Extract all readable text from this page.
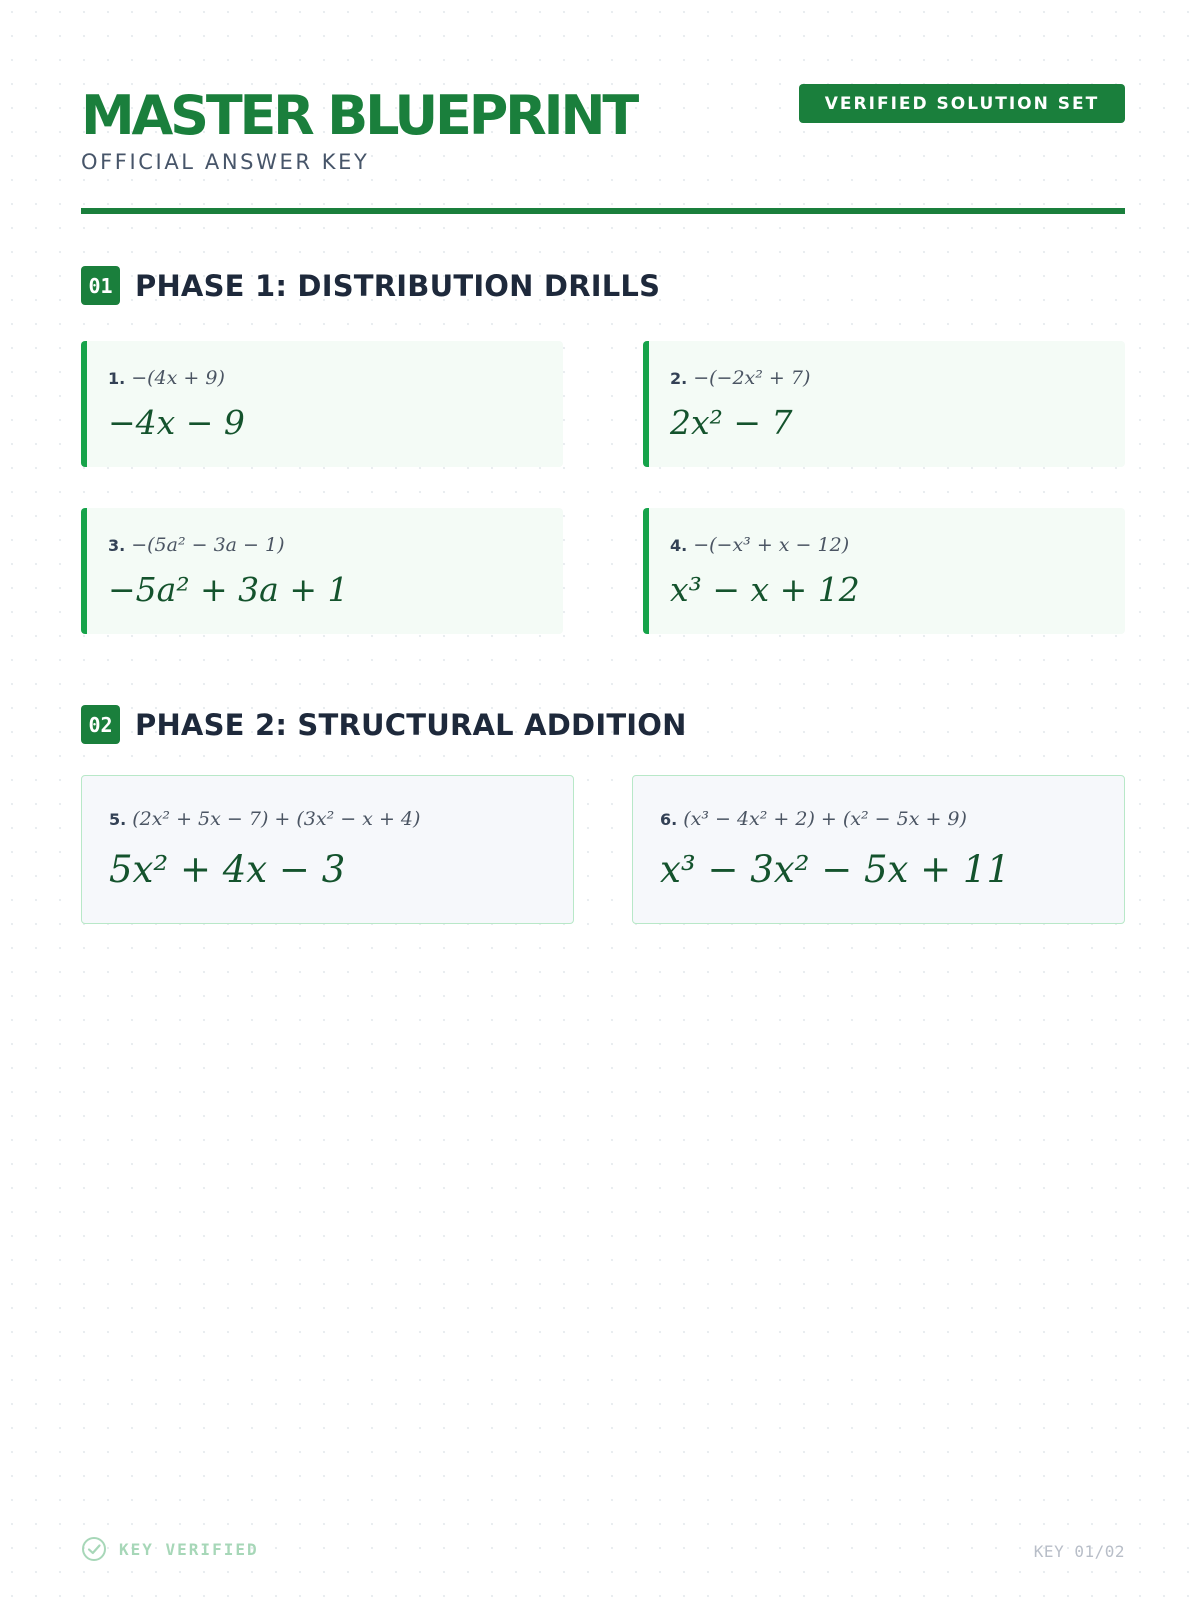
MASTER BLUEPRINT
OFFICIAL ANSWER KEY
VERIFIED SOLUTION SET
01 PHASE 1: DISTRIBUTION DRILLS
1. −(4x + 9)
−4x − 9
2. −(−2x² + 7)
2x² − 7
3. −(5a² − 3a − 1)
−5a² + 3a + 1
4. −(−x³ + x − 12)
x³ − x + 12
02 PHASE 2: STRUCTURAL ADDITION
5. (2x² + 5x − 7) + (3x² − x + 4)
5x² + 4x − 3
6. (x³ − 4x² + 2) + (x² − 5x + 9)
x³ − 3x² − 5x + 11
KEY VERIFIED	KEY 01/02
